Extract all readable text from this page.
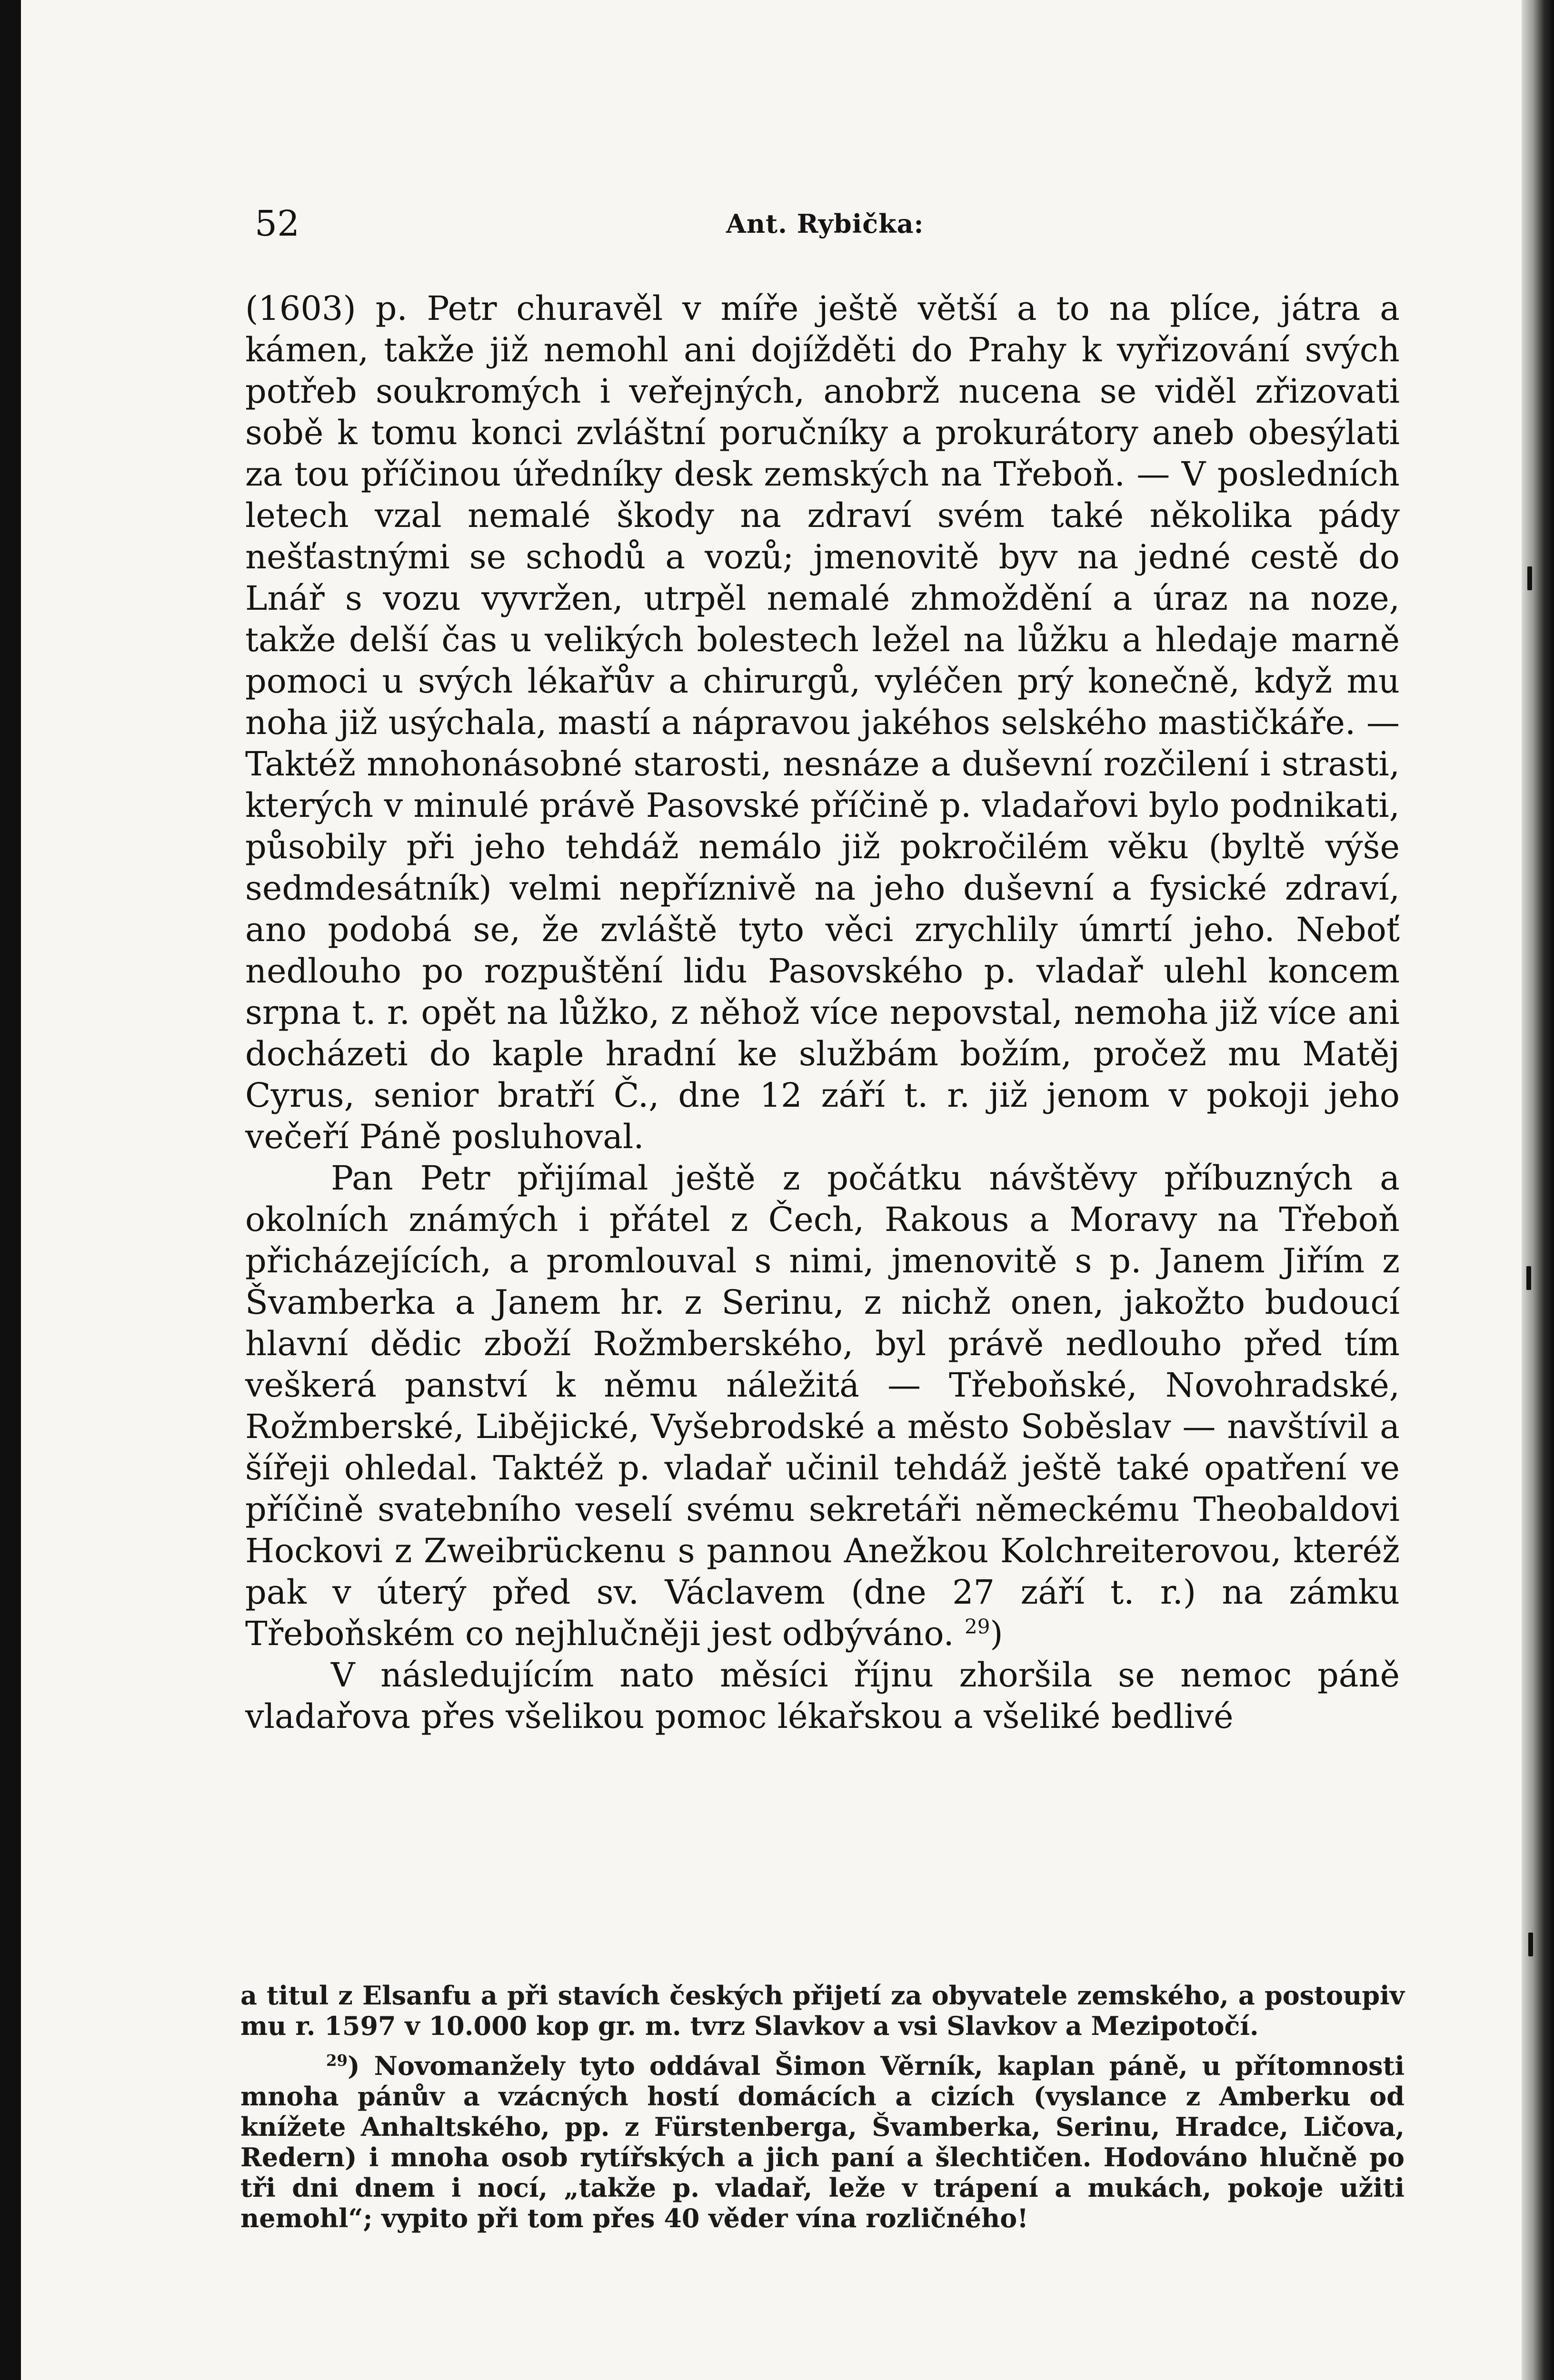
52	Ant. Rybička:

(1603) p. Petr churavěl v míře ještě větší a to na plíce, játra a kámen, takže již nemohl ani dojížděti do Prahy k vyřizování svých potřeb soukromých i veřejných, anobrž nucena se viděl zřizovati sobě k tomu konci zvláštní poručníky a prokurátory aneb obesýlati za tou příčinou úředníky desk zemských na Třeboň. — V posledních letech vzal nemalé škody na zdraví svém také několika pády nešťastnými se schodů a vozů; jmenovitě byv na jedné cestě do Lnář s vozu vyvržen, utrpěl nemalé zhmoždění a úraz na noze, takže delší čas u velikých bolestech ležel na lůžku a hledaje marně pomoci u svých lékařův a chirurgů, vyléčen prý konečně, když mu noha již usýchala, mastí a nápravou jakéhos selského mastičkáře. — Taktéž mnohonásobné starosti, nesnáze a duševní rozčilení i strasti, kterých v minulé právě Pasovské příčině p. vladařovi bylo podnikati, působily při jeho tehdáž nemálo již pokročilém věku (byltě výše sedmdesátník) velmi nepříznivě na jeho duševní a fysické zdraví, ano podobá se, že zvláště tyto věci zrychlily úmrtí jeho. Neboť nedlouho po rozpuštění lidu Pasovského p. vladař ulehl koncem srpna t. r. opět na lůžko, z něhož více nepovstal, nemoha již více ani docházeti do kaple hradní ke službám božím, pročež mu Matěj Cyrus, senior bratří Č., dne 12 září t. r. již jenom v pokoji jeho večeří Páně posluhoval.

Pan Petr přijímal ještě z počátku návštěvy příbuzných a okolních známých i přátel z Čech, Rakous a Moravy na Třeboň přicházejících, a promlouval s nimi, jmenovitě s p. Janem Jiřím z Švamberka a Janem hr. z Serinu, z nichž onen, jakožto budoucí hlavní dědic zboží Rožmberského, byl právě nedlouho před tím veškerá panství k němu náležitá — Třeboňské, Novohradské, Rožmberské, Libějické, Vyšebrodské a město Soběslav — navštívil a šířeji ohledal. Taktéž p. vladař učinil tehdáž ještě také opatření ve příčině svatebního veselí svému sekretáři německému Theobaldovi Hockovi z Zweibrückenu s pannou Anežkou Kolchreiterovou, kteréž pak v úterý před sv. Václavem (dne 27 září t. r.) na zámku Třeboňském co nejhlučněji jest odbýváno. $^{29}$)

V následujícím nato měsíci říjnu zhoršila se nemoc páně vladařova přes všelikou pomoc lékařskou a všeliké bedlivé

a titul z Elsanfu a při stavích českých přijetí za obyvatele zemského, a postoupiv mu r. 1597 v 10.000 kop gr. m. tvrz Slavkov a vsi Slavkov a Mezipotočí.

$^{29}$) Novomanžely tyto oddával Šimon Věrník, kaplan páně, u přítomnosti mnoha pánův a vzácných hostí domácích a cizích (vyslance z Amberku od knížete Anhaltského, pp. z Fürstenberga, Švamberka, Serinu, Hradce, Ličova, Redern) i mnoha osob rytířských a jich paní a šlechtičen. Hodováno hlučně po tři dni dnem i nocí, „takže p. vladař, leže v trápení a mukách, pokoje užiti nemohl“; vypito při tom přes 40 věder vína rozličného!
